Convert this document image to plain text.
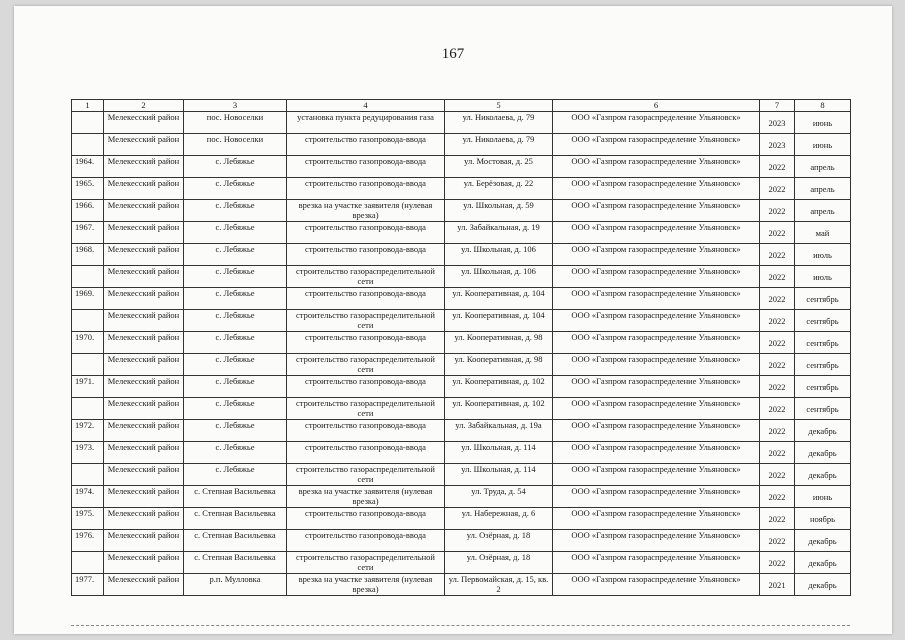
167
1	2	3	4	5	6	7	8
	Мелекесский район	пос. Новоселки	установка пункта редуцирования газа	ул. Николаева, д. 79	ООО «Газпром газораспределение Ульяновск»	2023	июнь
	Мелекесский район	пос. Новоселки	строительство газопровода-ввода	ул. Николаева, д. 79	ООО «Газпром газораспределение Ульяновск»	2023	июнь
1964.	Мелекесский район	с. Лебяжье	строительство газопровода-ввода	ул. Мостовая, д. 25	ООО «Газпром газораспределение Ульяновск»	2022	апрель
1965.	Мелекесский район	с. Лебяжье	строительство газопровода-ввода	ул. Берёзовая, д. 22	ООО «Газпром газораспределение Ульяновск»	2022	апрель
1966.	Мелекесский район	с. Лебяжье	врезка на участке заявителя (нулевая врезка)	ул. Школьная, д. 59	ООО «Газпром газораспределение Ульяновск»	2022	апрель
1967.	Мелекесский район	с. Лебяжье	строительство газопровода-ввода	ул. Забайкальная, д. 19	ООО «Газпром газораспределение Ульяновск»	2022	май
1968.	Мелекесский район	с. Лебяжье	строительство газопровода-ввода	ул. Школьная, д. 106	ООО «Газпром газораспределение Ульяновск»	2022	июль
	Мелекесский район	с. Лебяжье	строительство газораспределительной сети	ул. Школьная, д. 106	ООО «Газпром газораспределение Ульяновск»	2022	июль
1969.	Мелекесский район	с. Лебяжье	строительство газопровода-ввода	ул. Кооперативная, д. 104	ООО «Газпром газораспределение Ульяновск»	2022	сентябрь
	Мелекесский район	с. Лебяжье	строительство газораспределительной сети	ул. Кооперативная, д. 104	ООО «Газпром газораспределение Ульяновск»	2022	сентябрь
1970.	Мелекесский район	с. Лебяжье	строительство газопровода-ввода	ул. Кооперативная, д. 98	ООО «Газпром газораспределение Ульяновск»	2022	сентябрь
	Мелекесский район	с. Лебяжье	строительство газораспределительной сети	ул. Кооперативная, д. 98	ООО «Газпром газораспределение Ульяновск»	2022	сентябрь
1971.	Мелекесский район	с. Лебяжье	строительство газопровода-ввода	ул. Кооперативная, д. 102	ООО «Газпром газораспределение Ульяновск»	2022	сентябрь
	Мелекесский район	с. Лебяжье	строительство газораспределительной сети	ул. Кооперативная, д. 102	ООО «Газпром газораспределение Ульяновск»	2022	сентябрь
1972.	Мелекесский район	с. Лебяжье	строительство газопровода-ввода	ул. Забайкальная, д. 19а	ООО «Газпром газораспределение Ульяновск»	2022	декабрь
1973.	Мелекесский район	с. Лебяжье	строительство газопровода-ввода	ул. Школьная, д. 114	ООО «Газпром газораспределение Ульяновск»	2022	декабрь
	Мелекесский район	с. Лебяжье	строительство газораспределительной сети	ул. Школьная, д. 114	ООО «Газпром газораспределение Ульяновск»	2022	декабрь
1974.	Мелекесский район	с. Степная Васильевка	врезка на участке заявителя (нулевая врезка)	ул. Труда, д. 54	ООО «Газпром газораспределение Ульяновск»	2022	июнь
1975.	Мелекесский район	с. Степная Васильевка	строительство газопровода-ввода	ул. Набережная, д. 6	ООО «Газпром газораспределение Ульяновск»	2022	ноябрь
1976.	Мелекесский район	с. Степная Васильевка	строительство газопровода-ввода	ул. Озёрная, д. 18	ООО «Газпром газораспределение Ульяновск»	2022	декабрь
	Мелекесский район	с. Степная Васильевка	строительство газораспределительной сети	ул. Озёрная, д. 18	ООО «Газпром газораспределение Ульяновск»	2022	декабрь
1977.	Мелекесский район	р.п. Мулловка	врезка на участке заявителя (нулевая врезка)	ул. Первомайская, д. 15, кв. 2	ООО «Газпром газораспределение Ульяновск»	2021	декабрь
